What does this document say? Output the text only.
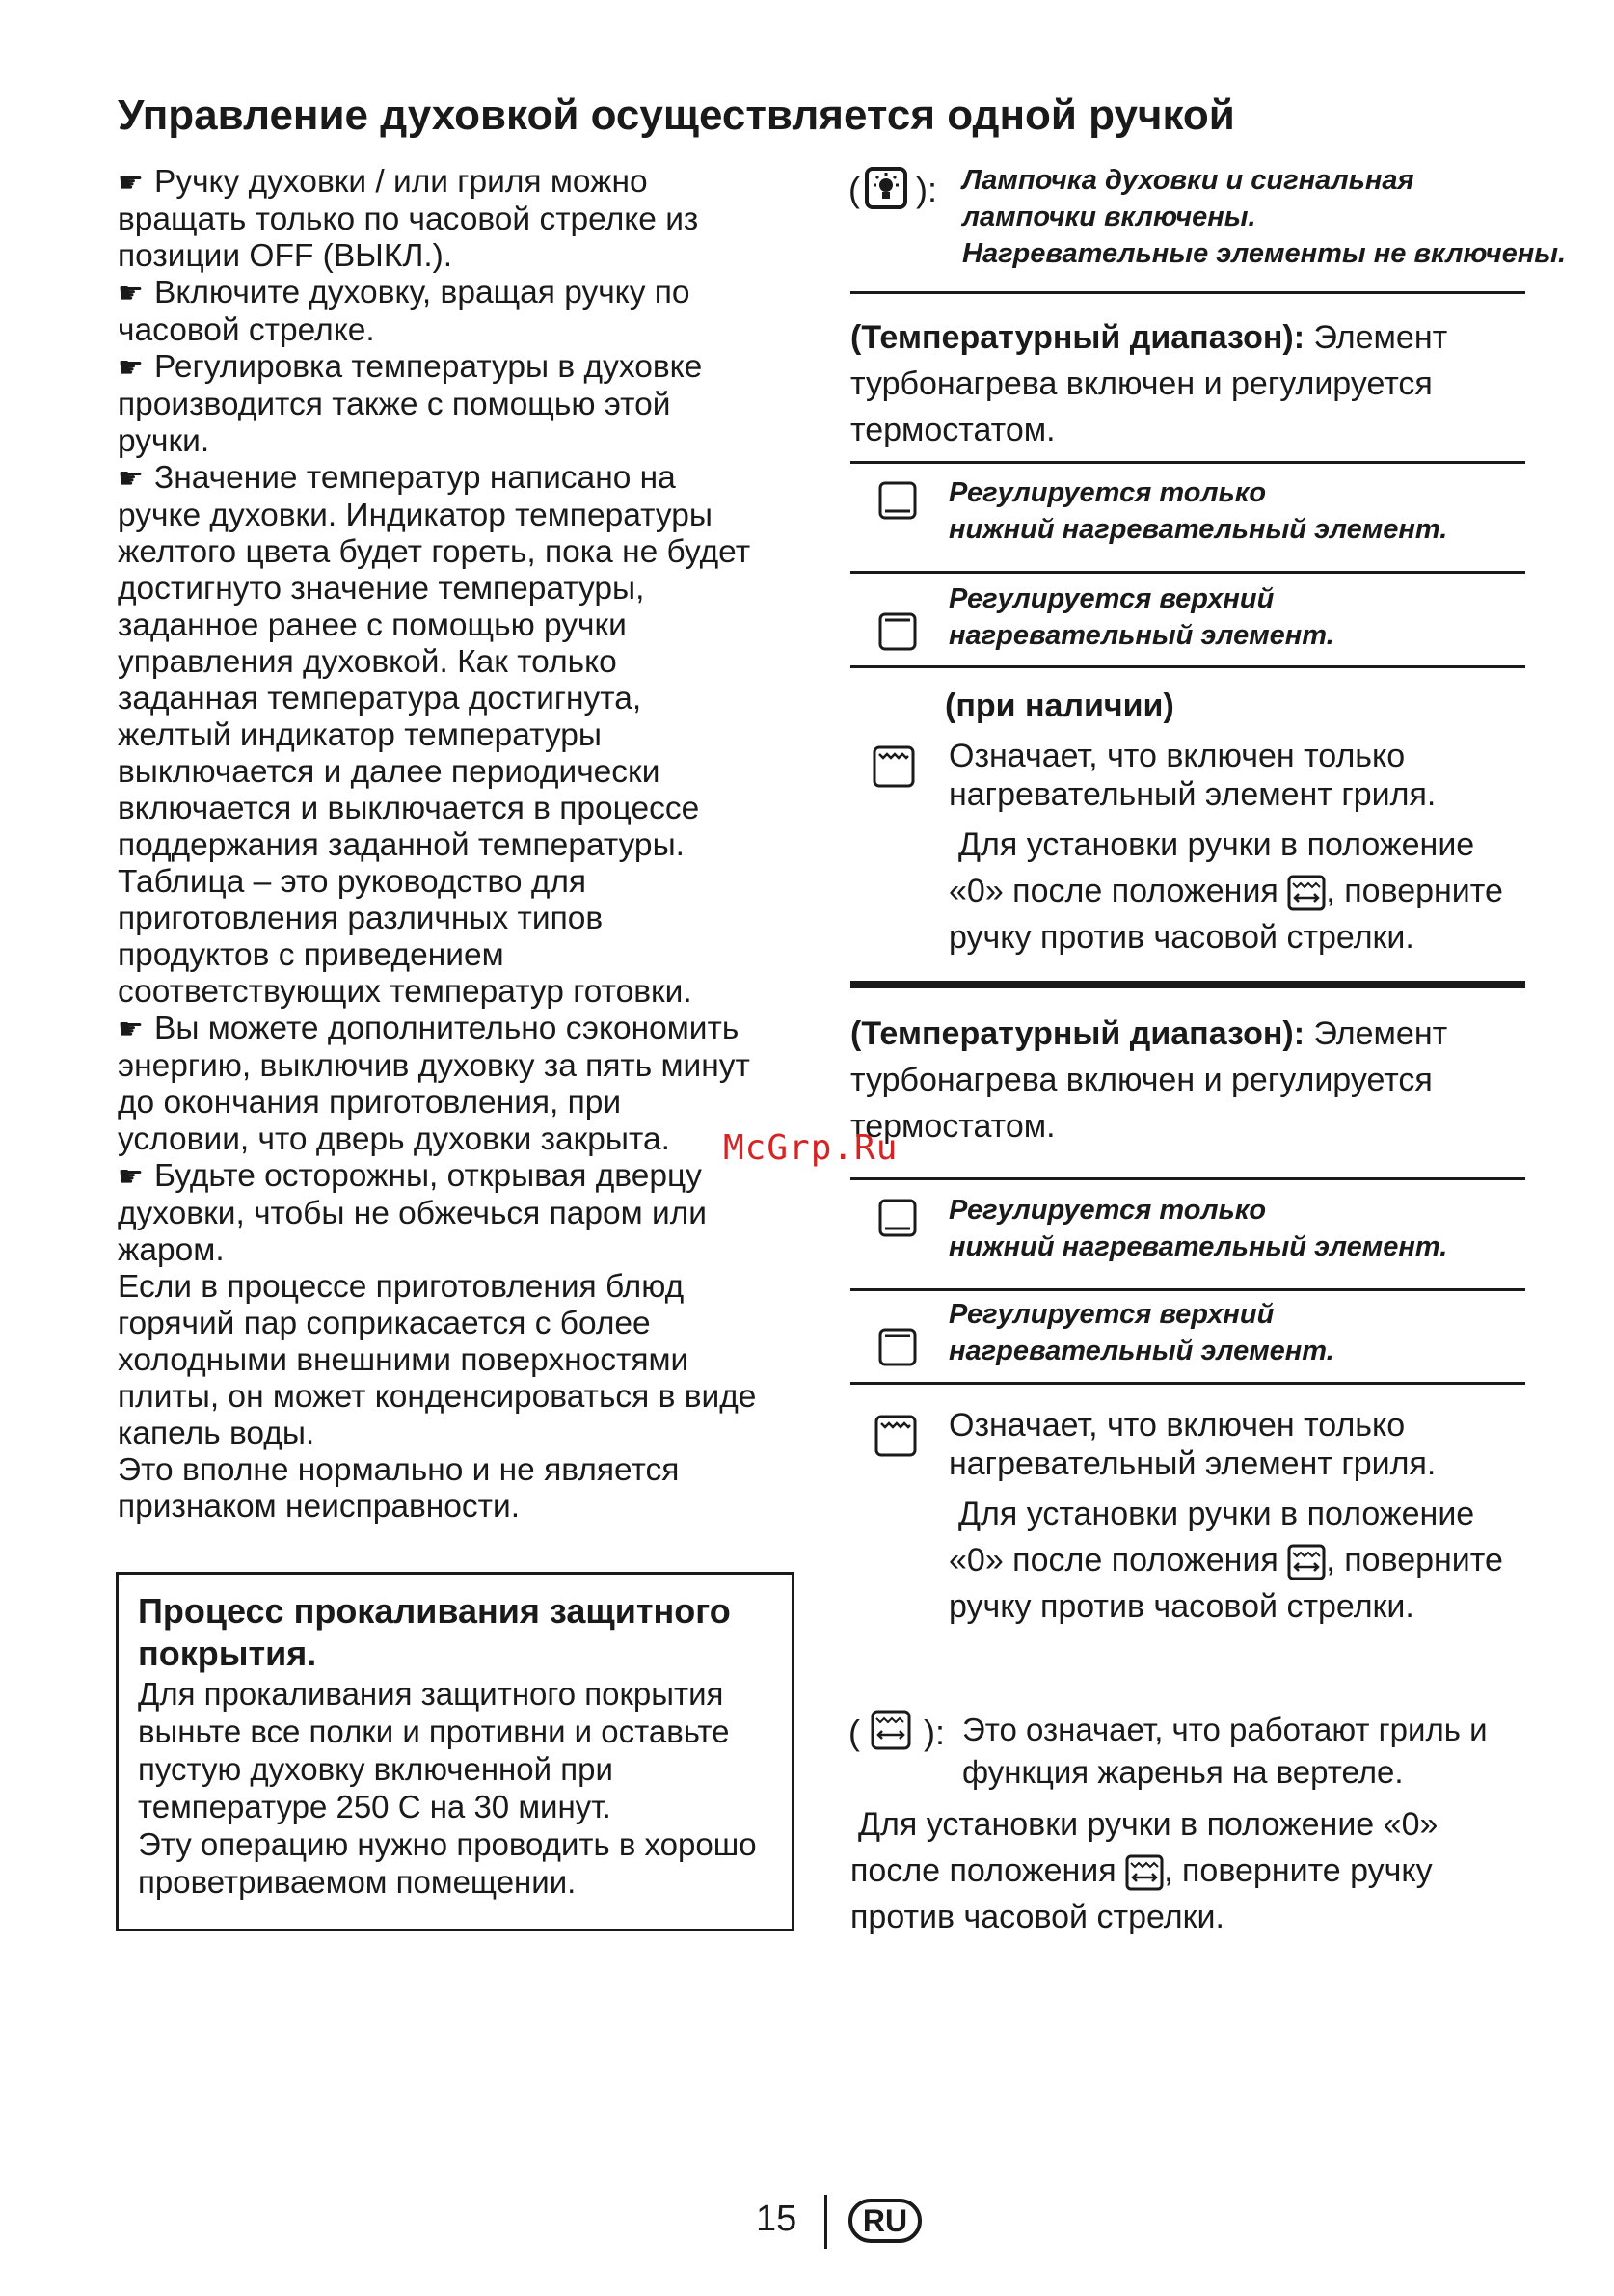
Управление духовкой осуществляется одной ручкой

☛ Ручку духовки / или гриля можно

вращать только по часовой стрелке из

позиции OFF (ВЫКЛ.).

☛ Включите духовку, вращая ручку по

часовой стрелке.

☛ Регулировка температуры в духовке

производится также с помощью этой

ручки.

☛ Значение температур написано на

ручке духовки. Индикатор температуры

желтого цвета будет гореть, пока не будет

достигнуто значение температуры,

заданное ранее с помощью ручки

управления духовкой. Как только

заданная температура достигнута,

желтый индикатор температуры

выключается и далее периодически

включается и выключается в процессе

поддержания заданной температуры.

Таблица – это руководство для

приготовления различных типов

продуктов с приведением

соответствующих температур готовки.

☛ Вы можете дополнительно сэкономить

энергию, выключив духовку за пять минут

до окончания приготовления, при

условии, что дверь духовки закрыта.

☛ Будьте осторожны, открывая дверцу

духовки, чтобы не обжечься паром или

жаром.

Если в процессе приготовления блюд

горячий пар соприкасается с более

холодными внешними поверхностями

плиты, он может конденсироваться в виде

капель воды.

Это вполне нормально и не является

признаком неисправности.

Процесс прокаливания защитного
покрытия.

Для прокаливания защитного покрытия

выньте все полки и противни и оставьте

пустую духовку включенной при

температуре 250 С на 30 минут.

Эту операцию нужно проводить в хорошо

проветриваемом помещении.

( ): Лампочка духовки и сигнальная
лампочки включены.
Нагревательные элементы не включены.
(Температурный диапазон): Элемент
турбонагрева включен и регулируется
термостатом.
Регулируется только
нижний нагревательный элемент.
Регулируется верхний
нагревательный элемент.
(при наличии)
Означает, что включен только
нагревательный элемент гриля.
Для установки ручки в положение
«0» после положения , поверните
ручку против часовой стрелки.
(Температурный диапазон): Элемент
турбонагрева включен и регулируется
термостатом.
Регулируется только
нижний нагревательный элемент.
Регулируется верхний
нагревательный элемент.
Означает, что включен только
нагревательный элемент гриля.
Для установки ручки в положение
«0» после положения , поверните
ручку против часовой стрелки.
( ): Это означает, что работают гриль и
функция жаренья на вертеле.
Для установки ручки в положение «0»
после положения , поверните ручку
против часовой стрелки.
McGrp.Ru
15	RU
